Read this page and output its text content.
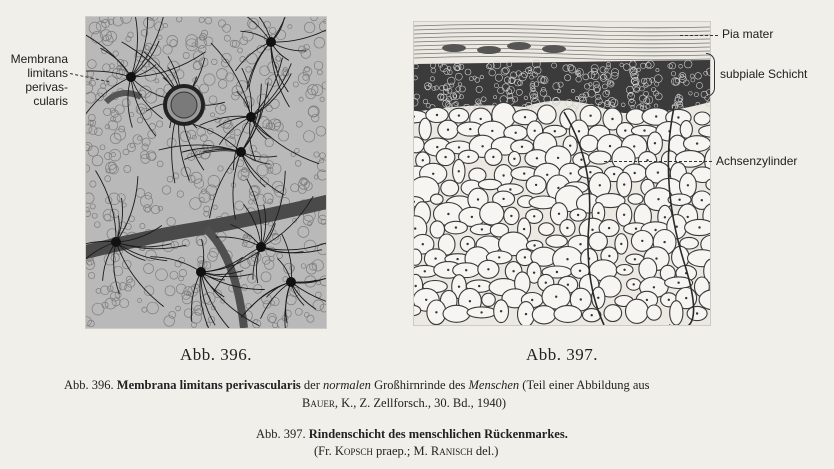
Membrana
limitans
perivas-
cularis
Pia mater
subpiale Schicht
Achsenzylinder
Abb. 396.	Abb. 397.
Abb. 396. Membrana limitans perivascularis der normalen Großhirnrinde des Menschen (Teil einer Abbildung aus
Bauer, K., Z. Zellforsch., 30. Bd., 1940)
Abb. 397. Rindenschicht des menschlichen Rückenmarkes.
(Fr. Kopsch praep.; M. Ranisch del.)
